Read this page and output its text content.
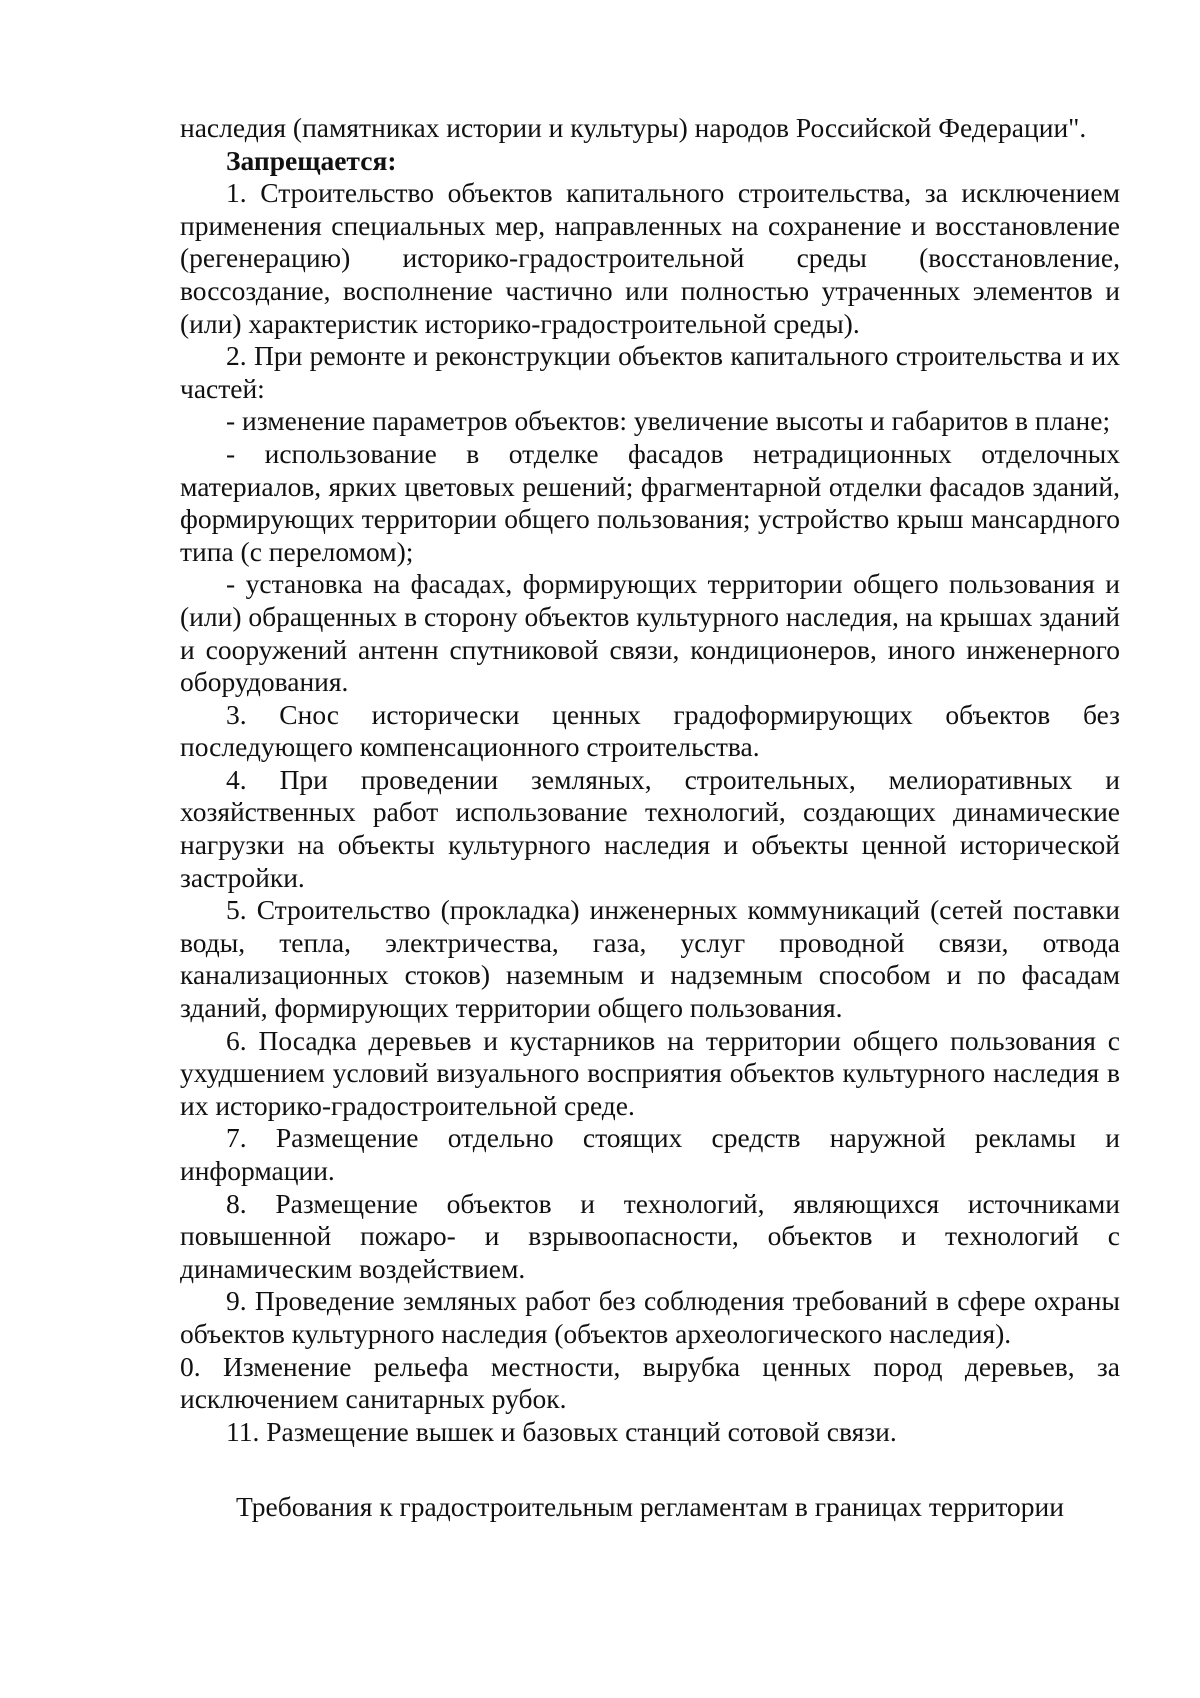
наследия (памятниках истории и культуры) народов Российской Федерации".

Запрещается:

1. Строительство объектов капитального строительства, за исключением применения специальных мер, направленных на сохранение и восстановление (регенерацию) историко-градостроительной среды (восстановление, воссоздание, восполнение частично или полностью утраченных элементов и (или) характеристик историко-градостроительной среды).

2. При ремонте и реконструкции объектов капитального строительства и их частей:

- изменение параметров объектов: увеличение высоты и габаритов в плане;

- использование в отделке фасадов нетрадиционных отделочных материалов, ярких цветовых решений; фрагментарной отделки фасадов зданий, формирующих территории общего пользования; устройство крыш мансардного типа (с переломом);

- установка на фасадах, формирующих территории общего пользования и (или) обращенных в сторону объектов культурного наследия, на крышах зданий и сооружений антенн спутниковой связи, кондиционеров, иного инженерного оборудования.

3. Снос исторически ценных градоформирующих объектов без последующего компенсационного строительства.

4. При проведении земляных, строительных, мелиоративных и хозяйственных работ использование технологий, создающих динамические нагрузки на объекты культурного наследия и объекты ценной исторической застройки.

5. Строительство (прокладка) инженерных коммуникаций (сетей поставки воды, тепла, электричества, газа, услуг проводной связи, отвода канализационных стоков) наземным и надземным способом и по фасадам зданий, формирующих территории общего пользования.

6. Посадка деревьев и кустарников на территории общего пользования с ухудшением условий визуального восприятия объектов культурного наследия в их историко-градостроительной среде.

7. Размещение отдельно стоящих средств наружной рекламы и информации.

8. Размещение объектов и технологий, являющихся источниками повышенной пожаро- и взрывоопасности, объектов и технологий с динамическим воздействием.

9. Проведение земляных работ без соблюдения требований в сфере охраны объектов культурного наследия (объектов археологического наследия).

0. Изменение рельефа местности, вырубка ценных пород деревьев, за исключением санитарных рубок.

11. Размещение вышек и базовых станций сотовой связи.

Требования к градостроительным регламентам в границах территории
